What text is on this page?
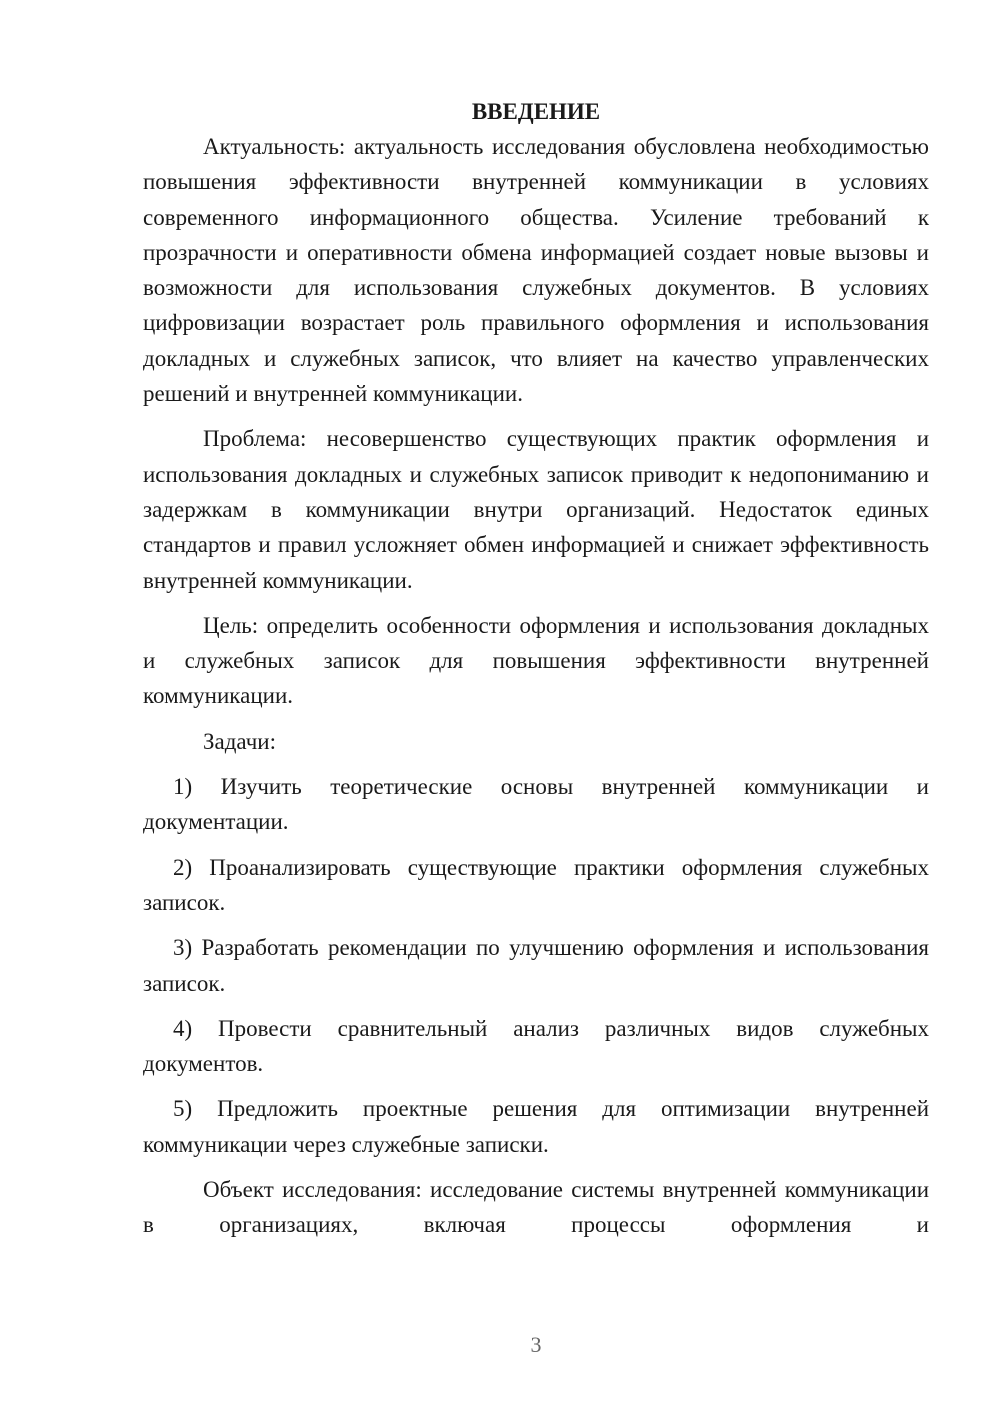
ВВЕДЕНИЕ

Актуальность: актуальность исследования обусловлена необходимостью повышения эффективности внутренней коммуникации в условиях современного информационного общества. Усиление требований к прозрачности и оперативности обмена информацией создает новые вызовы и возможности для использования служебных документов. В условиях цифровизации возрастает роль правильного оформления и использования докладных и служебных записок, что влияет на качество управленческих решений и внутренней коммуникации.

Проблема: несовершенство существующих практик оформления и использования докладных и служебных записок приводит к недопониманию и задержкам в коммуникации внутри организаций. Недостаток единых стандартов и правил усложняет обмен информацией и снижает эффективность внутренней коммуникации.

Цель: определить особенности оформления и использования докладных и служебных записок для повышения эффективности внутренней коммуникации.

Задачи:

1) Изучить теоретические основы внутренней коммуникации и документации.

2) Проанализировать существующие практики оформления служебных записок.

3) Разработать рекомендации по улучшению оформления и использования записок.

4) Провести сравнительный анализ различных видов служебных документов.

5) Предложить проектные решения для оптимизации внутренней коммуникации через служебные записки.

Объект исследования: исследование системы внутренней коммуникации в организациях, включая процессы оформления и

3
